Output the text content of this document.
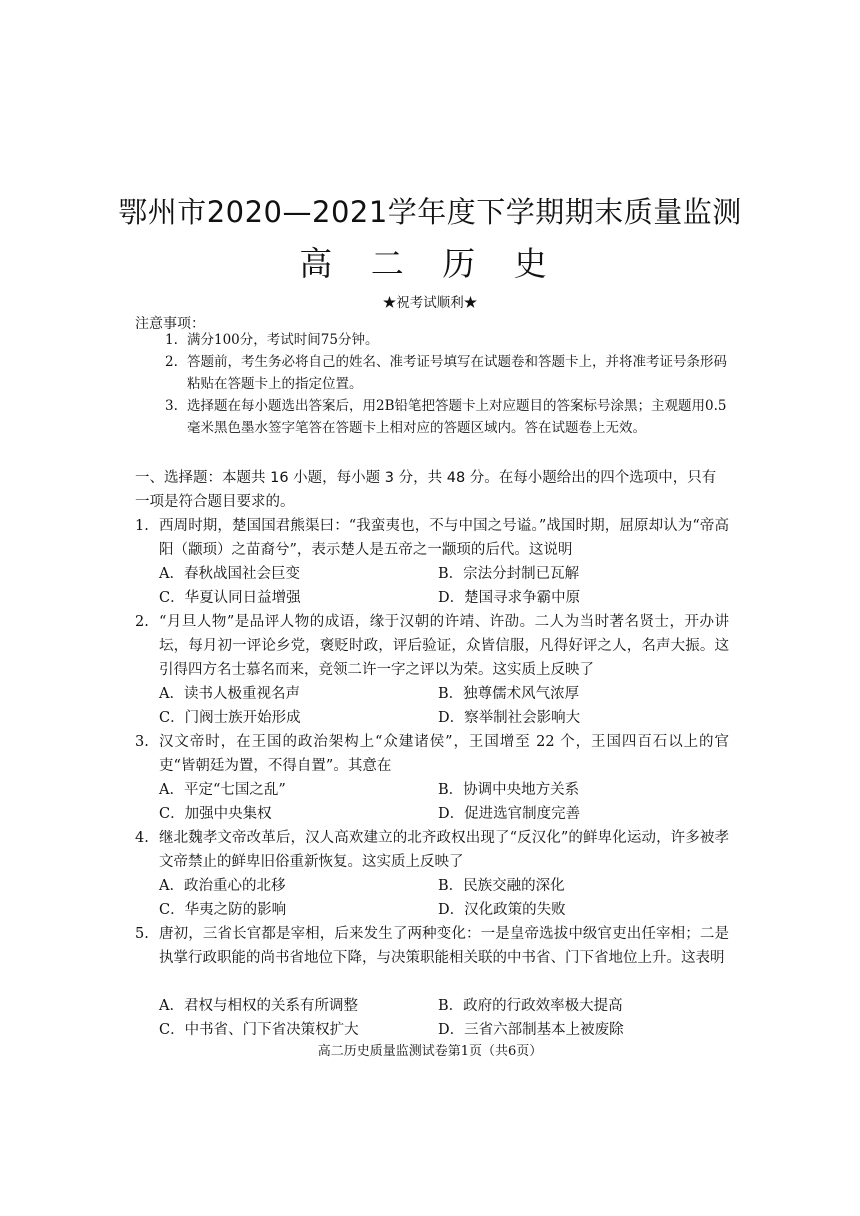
鄂州市2020—2021学年度下学期期末质量监测
高 二 历 史
★祝考试顺利★
注意事项：
1. 满分100分，考试时间75分钟。
2. 答题前，考生务必将自己的姓名、准考证号填写在试题卷和答题卡上，并将准考证号条形码粘贴在答题卡上的指定位置。
3. 选择题在每小题选出答案后，用2B铅笔把答题卡上对应题目的答案标号涂黑；主观题用0.5毫米黑色墨水签字笔答在答题卡上相对应的答题区域内。答在试题卷上无效。
一、选择题：本题共 16 小题，每小题 3 分，共 48 分。在每小题给出的四个选项中，只有一项是符合题目要求的。
1. 西周时期，楚国国君熊渠曰：“我蛮夷也，不与中国之号谥。”战国时期，屈原却认为“帝高阳（颛顼）之苗裔兮”，表示楚人是五帝之一颛顼的后代。这说明
A．春秋战国社会巨变	B．宗法分封制已瓦解
C．华夏认同日益增强	D．楚国寻求争霸中原
2. “月旦人物”是品评人物的成语，缘于汉朝的许靖、许劭。二人为当时著名贤士，开办讲坛，每月初一评论乡党，褒贬时政，评后验证，众皆信服，凡得好评之人，名声大振。这引得四方名士慕名而来，竞领二许一字之评以为荣。这实质上反映了
A．读书人极重视名声	B．独尊儒术风气浓厚
C．门阀士族开始形成	D．察举制社会影响大
3. 汉文帝时，在王国的政治架构上“众建诸侯”，王国增至 22 个，王国四百石以上的官吏“皆朝廷为置，不得自置”。其意在
A．平定“七国之乱”	B．协调中央地方关系
C．加强中央集权	D．促进选官制度完善
4. 继北魏孝文帝改革后，汉人高欢建立的北齐政权出现了“反汉化”的鲜卑化运动，许多被孝文帝禁止的鲜卑旧俗重新恢复。这实质上反映了
A．政治重心的北移	B．民族交融的深化
C．华夷之防的影响	D．汉化政策的失败
5. 唐初，三省长官都是宰相，后来发生了两种变化：一是皇帝选拔中级官吏出任宰相；二是执掌行政职能的尚书省地位下降，与决策职能相关联的中书省、门下省地位上升。这表明
A．君权与相权的关系有所调整	B．政府的行政效率极大提高
C．中书省、门下省决策权扩大	D．三省六部制基本上被废除
高二历史质量监测试卷第1页（共6页）
